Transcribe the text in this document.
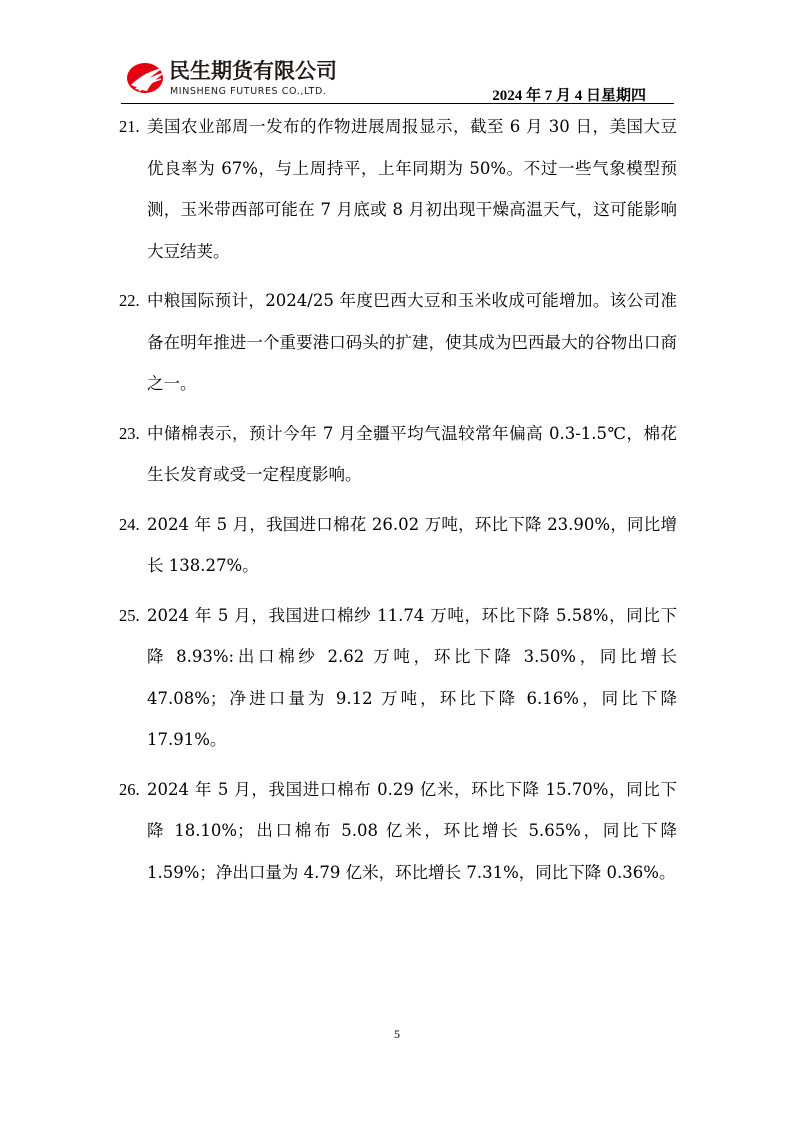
民生期货有限公司
MINSHENG FUTURES CO.,LTD.	2024 年 7 月 4 日星期四
21. 美国农业部周一发布的作物进展周报显示，截至 6 月 30 日，美国大豆优良率为 67%，与上周持平，上年同期为 50%。不过一些气象模型预测，玉米带西部可能在 7 月底或 8 月初出现干燥高温天气，这可能影响大豆结荚。
22. 中粮国际预计，2024/25 年度巴西大豆和玉米收成可能增加。该公司准备在明年推进一个重要港口码头的扩建，使其成为巴西最大的谷物出口商之一。
23. 中储棉表示，预计今年 7 月全疆平均气温较常年偏高 0.3-1.5℃，棉花生长发育或受一定程度影响。
24. 2024 年 5 月，我国进口棉花 26.02 万吨，环比下降 23.90%，同比增长 138.27%。
25. 2024 年 5 月，我国进口棉纱 11.74 万吨，环比下降 5.58%，同比下降 8.93%:出口棉纱 2.62 万吨，环比下降 3.50%，同比增长 47.08%；净进口量为 9.12 万吨，环比下降 6.16%，同比下降 17.91%。
26. 2024 年 5 月，我国进口棉布 0.29 亿米，环比下降 15.70%，同比下降 18.10%；出口棉布 5.08 亿米，环比增长 5.65%，同比下降 1.59%；净出口量为 4.79 亿米，环比增长 7.31%，同比下降 0.36%。
5
